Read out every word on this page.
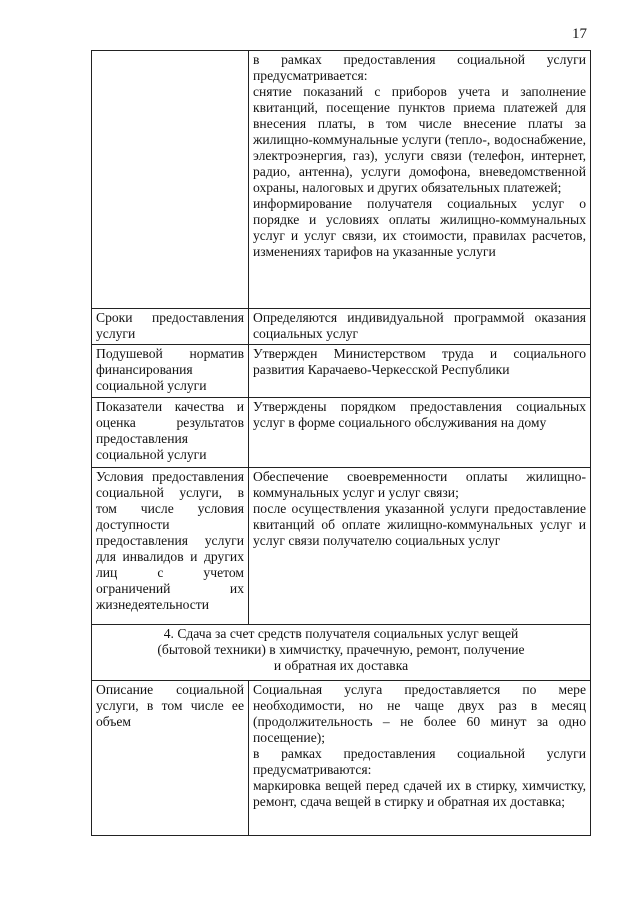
17

	в рамках предоставления социальной услуги предусматривается:
снятие показаний с приборов учета и заполнение квитанций, посещение пунктов приема платежей для внесения платы, в том числе внесение платы за жилищно-коммунальные услуги (тепло-, водоснабжение, электроэнергия, газ), услуги связи (телефон, интернет, радио, антенна), услуги домофона, вневедомственной охраны, налоговых и других обязательных платежей;
информирование получателя социальных услуг о порядке и условиях оплаты жилищно-коммунальных услуг и услуг связи, их стоимости, правилах расчетов, изменениях тарифов на указанные услуги

Сроки предоставления услуги	Определяются индивидуальной программой оказания социальных услуг

Подушевой норматив финансирования социальной услуги	Утвержден Министерством труда и социального развития Карачаево-Черкесской Республики

Показатели качества и оценка результатов предоставления социальной услуги	Утверждены порядком предоставления социальных услуг в форме социального обслуживания на дому

Условия предоставления социальной услуги, в том числе условия доступности предоставления услуги для инвалидов и других лиц с учетом ограничений их жизнедеятельности	Обеспечение своевременности оплаты жилищно-коммунальных услуг и услуг связи;
после осуществления указанной услуги предоставление квитанций об оплате жилищно-коммунальных услуг и услуг связи получателю социальных услуг

4. Сдача за счет средств получателя социальных услуг вещей
(бытовой техники) в химчистку, прачечную, ремонт, получение
и обратная их доставка	

Описание социальной услуги, в том числе ее объем	Социальная услуга предоставляется по мере необходимости, но не чаще двух раз в месяц (продолжительность – не более 60 минут за одно посещение);
в рамках предоставления социальной услуги предусматриваются:
маркировка вещей перед сдачей их в стирку, химчистку, ремонт, сдача вещей в стирку и обратная их доставка;
